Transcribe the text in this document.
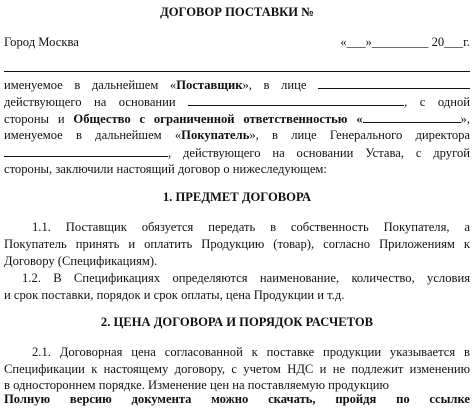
ДОГОВОР ПОСТАВКИ №
Город Москва	«___»_________ 20___г.
именуемое в дальнейшем «Поставщик», в лице
действующего на основании	, с одной
стороны и Общество с ограниченной ответственностью «	»,
именуемое в дальнейшем «Покупатель», в лице Генерального директора
, действующего на основании Устава, с другой
стороны, заключили настоящий договор о нижеследующем:
1. ПРЕДМЕТ ДОГОВОРА
1.1. Поставщик обязуется передать в собственность Покупателя, а
Покупатель принять и оплатить Продукцию (товар), согласно Приложениям к
Договору (Спецификациям).
1.2. В Спецификациях определяются наименование, количество, условия
и срок поставки, порядок и срок оплаты, цена Продукции и т.д.
2. ЦЕНА ДОГОВОРА И ПОРЯДОК РАСЧЕТОВ
2.1. Договорная цена согласованной к поставке продукции указывается в
Спецификации к настоящему договору, с учетом НДС и не подлежит изменению
в одностороннем порядке. Изменение цен на поставляемую продукцию
Полную версию документа можно скачать, пройдя по ссылке
